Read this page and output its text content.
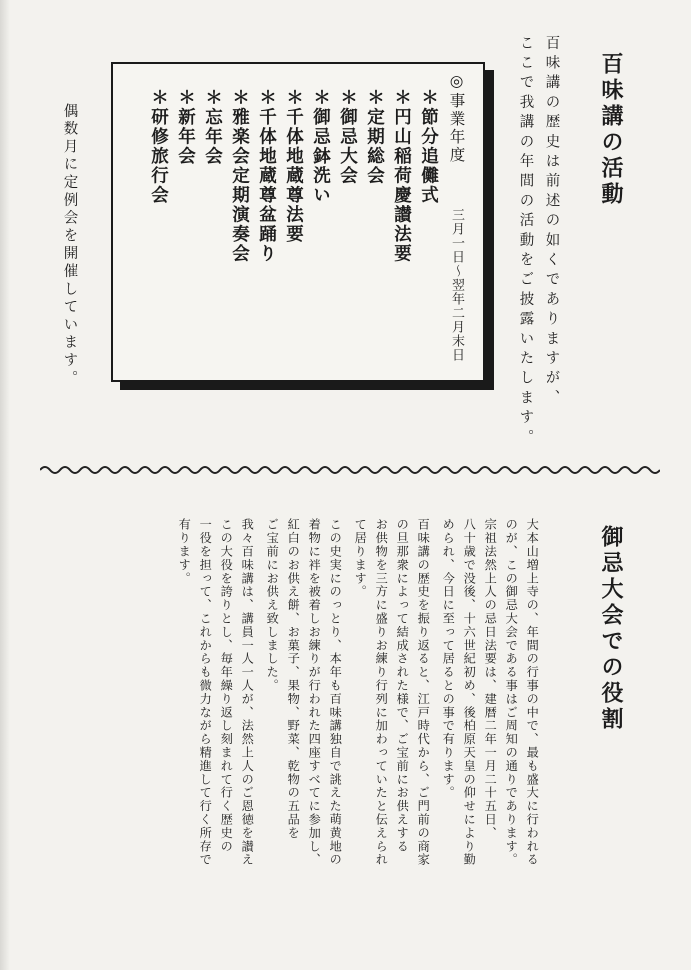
百味講の活動
百味講の歴史は前述の如くでありますが、
ここで我講の年間の活動をご披露いたします。
◎事業年度
三月一日～翌年二月末日
＊節分追儺式
＊円山稲荷慶讃法要
＊定期総会
＊御忌大会
＊御忌鉢洗い
＊千体地蔵尊法要
＊千体地蔵尊盆踊り
＊雅楽会定期演奏会
＊忘年会
＊新年会
＊研修旅行会
偶数月に定例会を開催しています。
御忌大会での役割
大本山増上寺の、年間の行事の中で、最も盛大に行われる
のが、この御忌大会である事はご周知の通りであります。
宗祖法然上人の忌日法要は、建暦二年一月二十五日、
八十歳で没後、十六世紀初め、後柏原天皇の仰せにより勤
められ、今日に至って居るとの事で有ります。
百味講の歴史を振り返ると、江戸時代から、ご門前の商家
の旦那衆によって結成された様で、ご宝前にお供えする
お供物を三方に盛りお練り行列に加わっていたと伝えられ
て居ります。
この史実にのっとり、本年も百味講独自で誂えた萌黄地の
着物に袢を被着しお練りが行われた四座すべてに参加し、
紅白のお供え餅、お菓子、果物、野菜、乾物の五品を
ご宝前にお供え致しました。
我々百味講は、講員一人一人が、法然上人のご恩徳を讃え
この大役を誇りとし、毎年繰り返し刻まれて行く歴史の
一役を担って、これからも微力ながら精進して行く所存で
有ります。
